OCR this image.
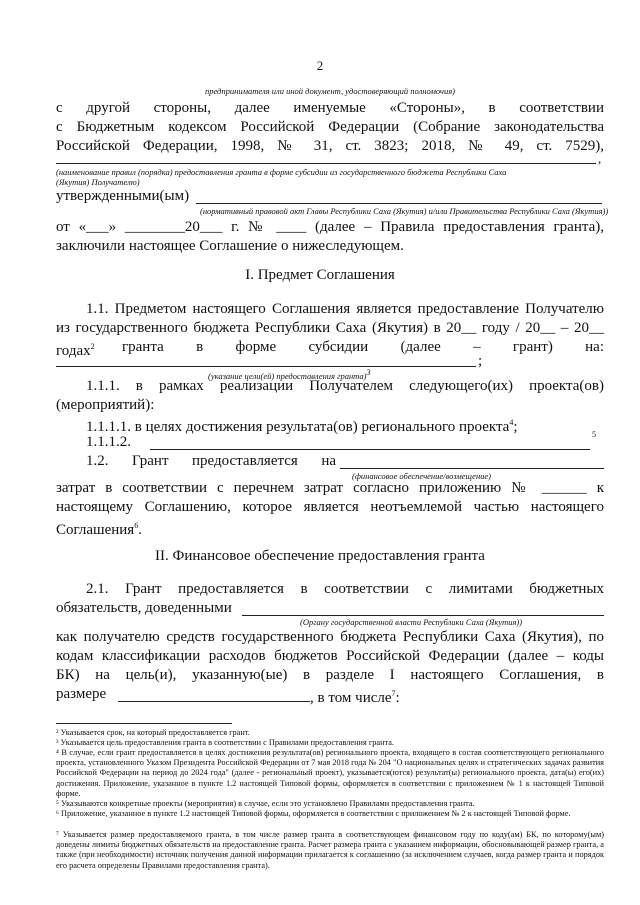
2
предпринимателя или иной документ, удостоверяющий полномочия)
с другой стороны, далее именуемые «Стороны», в соответствии
с Бюджетным кодексом Российской Федерации (Собрание законодательства
Российской Федерации, 1998, № 31, ст. 3823; 2018, № 49, ст. 7529),
,
(наименование правил (порядка) предоставления гранта в форме субсидии из государственного бюджета Республики Саха
(Якутия) Получателю)
утвержденными(ым)
(нормативный правовой акт Главы Республики Саха (Якутия) и/или Правительства Республики Саха (Якутия))
от «___» ________20___ г. № ____ (далее – Правила предоставления гранта),
заключили настоящее Соглашение о нижеследующем.
I. Предмет Соглашения
1.1. Предметом настоящего Соглашения является предоставление Получателю
из государственного бюджета Республики Саха (Якутия) в 20__ году / 20__ – 20__
годах$^2$ гранта в форме субсидии (далее – грант) на:
;
(указание цели(ей) предоставления гранта)$^3$
1.1.1. в рамках реализации Получателем следующего(их) проекта(ов)
(мероприятий):
1.1.1.1. в целях достижения результата(ов) регионального проекта$^4$;
1.1.1.2.	5
1.2. Грант предоставляется на
(финансовое обеспечение/возмещение)
затрат в соответствии с перечнем затрат согласно приложению № ______ к
настоящему Соглашению, которое является неотъемлемой частью настоящего
Соглашения$^6$.
II. Финансовое обеспечение предоставления гранта
2.1. Грант предоставляется в соответствии с лимитами бюджетных
обязательств, доведенными
(Органу государственной власти Республики Саха (Якутия))
как получателю средств государственного бюджета Республики Саха (Якутия), по
кодам классификации расходов бюджетов Российской Федерации (далее – коды
БК) на цель(и), указанную(ые) в разделе I настоящего Соглашения, в
размере	, в том числе$^7$:
² Указывается срок, на который предоставляется грант.
³ Указывается цель предоставления гранта в соответствии с Правилами предоставления гранта.
⁴ В случае, если грант предоставляется в целях достижения результата(ов) регионального проекта, входящего в состав соответствующего регионального проекта, установленного Указом Президента Российской Федерации от 7 мая 2018 года № 204 "О национальных целях и стратегических задачах развития Российской Федерации на период до 2024 года" (далее - региональный проект), указывается(ются) результат(ы) регионального проекта, дата(ы) его(их) достижения. Приложение, указанное в пункте 1.2 настоящей Типовой формы, оформляется в соответствии с приложением № 1 к настоящей Типовой форме.
⁵ Указываются конкретные проекты (мероприятия) в случае, если это установлено Правилами предоставления гранта.
⁶ Приложение, указанное в пункте 1.2 настоящей Типовой формы, оформляется в соответствии с приложением № 2 к настоящей Типовой форме.
⁷ Указывается размер предоставляемого гранта, в том числе размер гранта в соответствующем финансовом году по коду(ам) БК, по которому(ым) доведены лимиты бюджетных обязательств на предоставление гранта. Расчет размера гранта с указанием информации, обосновывающей размер гранта, а также (при необходимости) источник получения данной информации прилагается к соглашению (за исключением случаев, когда размер гранта и порядок его расчета определены Правилами предоставления гранта).
